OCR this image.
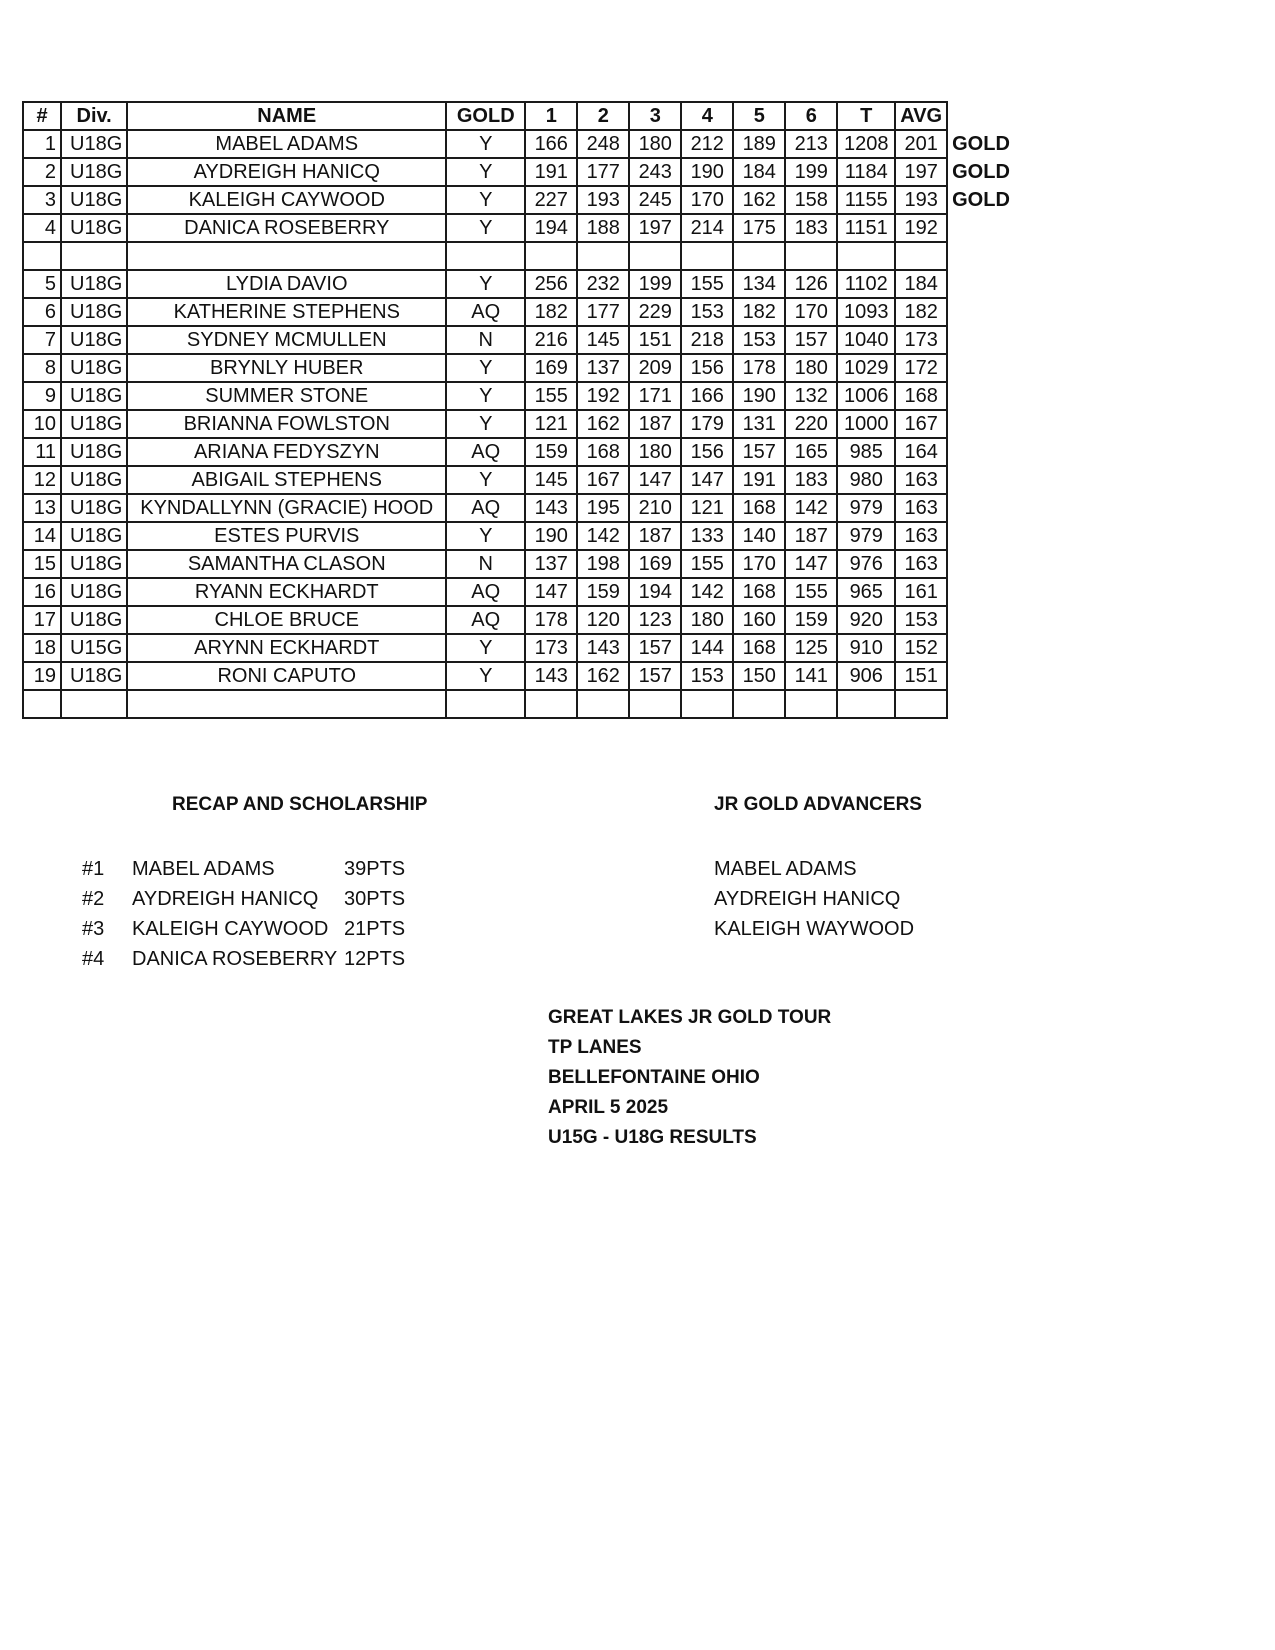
#	Div.	NAME	GOLD	1	2	3	4	5	6	T	AVG	
1	U18G	MABEL ADAMS	Y	166	248	180	212	189	213	1208	201	GOLD
2	U18G	AYDREIGH HANICQ	Y	191	177	243	190	184	199	1184	197	GOLD
3	U18G	KALEIGH CAYWOOD	Y	227	193	245	170	162	158	1155	193	GOLD
4	U18G	DANICA ROSEBERRY	Y	194	188	197	214	175	183	1151	192	

5	U18G	LYDIA DAVIO	Y	256	232	199	155	134	126	1102	184	
6	U18G	KATHERINE STEPHENS	AQ	182	177	229	153	182	170	1093	182	
7	U18G	SYDNEY MCMULLEN	N	216	145	151	218	153	157	1040	173	
8	U18G	BRYNLY HUBER	Y	169	137	209	156	178	180	1029	172	
9	U18G	SUMMER STONE	Y	155	192	171	166	190	132	1006	168	
10	U18G	BRIANNA FOWLSTON	Y	121	162	187	179	131	220	1000	167	
11	U18G	ARIANA FEDYSZYN	AQ	159	168	180	156	157	165	985	164	
12	U18G	ABIGAIL STEPHENS	Y	145	167	147	147	191	183	980	163	
13	U18G	KYNDALLYNN (GRACIE) HOOD	AQ	143	195	210	121	168	142	979	163	
14	U18G	ESTES PURVIS	Y	190	142	187	133	140	187	979	163	
15	U18G	SAMANTHA CLASON	N	137	198	169	155	170	147	976	163	
16	U18G	RYANN ECKHARDT	AQ	147	159	194	142	168	155	965	161	
17	U18G	CHLOE BRUCE	AQ	178	120	123	180	160	159	920	153	
18	U15G	ARYNN ECKHARDT	Y	173	143	157	144	168	125	910	152	
19	U18G	RONI CAPUTO	Y	143	162	157	153	150	141	906	151	

RECAP AND SCHOLARSHIP
#1 MABEL ADAMS	39PTS
#2 AYDREIGH HANICQ 30PTS
#3 KALEIGH CAYWOOD 21PTS
#4 DANICA ROSEBERRY 12PTS
JR GOLD ADVANCERS
MABEL ADAMS
AYDREIGH HANICQ
KALEIGH WAYWOOD
GREAT LAKES JR GOLD TOUR
TP LANES
BELLEFONTAINE OHIO
APRIL 5 2025
U15G - U18G RESULTS
